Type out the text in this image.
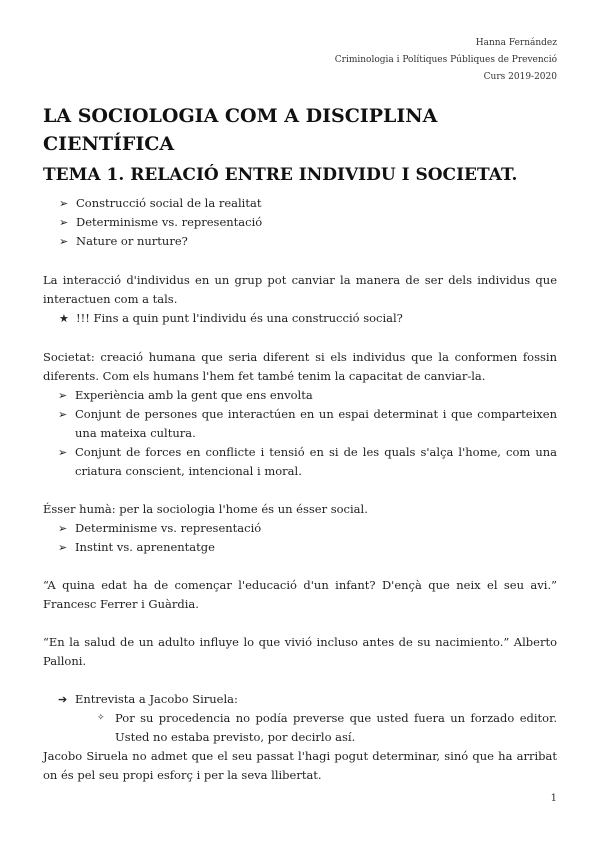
Hanna Fernández
Criminologia i Polítiques Públiques de Prevenció
Curs 2019-2020
LA SOCIOLOGIA COM A DISCIPLINA CIENTÍFICA
TEMA 1. RELACIÓ ENTRE INDIVIDU I SOCIETAT.
➢ Construcció social de la realitat
➢ Determinisme vs. representació
➢ Nature or nurture?

La interacció d'individus en un grup pot canviar la manera de ser dels individus que interactuen com a tals.

★ !!! Fins a quin punt l'individu és una construcció social?

Societat: creació humana que seria diferent si els individus que la conformen fossin diferents. Com els humans l'hem fet també tenim la capacitat de canviar-la.

➢ Experiència amb la gent que ens envolta
➢ Conjunt de persones que interactúen en un espai determinat i que comparteixen una mateixa cultura.
➢ Conjunt de forces en conflicte i tensió en si de les quals s'alça l'home, com una criatura conscient, intencional i moral.

Ésser humà: per la sociologia l'home és un ésser social.

➢ Determinisme vs. representació
➢ Instint vs. aprenentatge

“A quina edat ha de començar l'educació d'un infant? D'ençà que neix el seu avi.” Francesc Ferrer i Guàrdia.

“En la salud de un adulto influye lo que vivió incluso antes de su nacimiento.” Alberto Palloni.

➔ Entrevista a Jacobo Siruela:
✧ Por su procedencia no podía preverse que usted fuera un forzado editor. Usted no estaba previsto, por decirlo así.

Jacobo Siruela no admet que el seu passat l'hagi pogut determinar, sinó que ha arribat on és pel seu propi esforç i per la seva llibertat.

1
